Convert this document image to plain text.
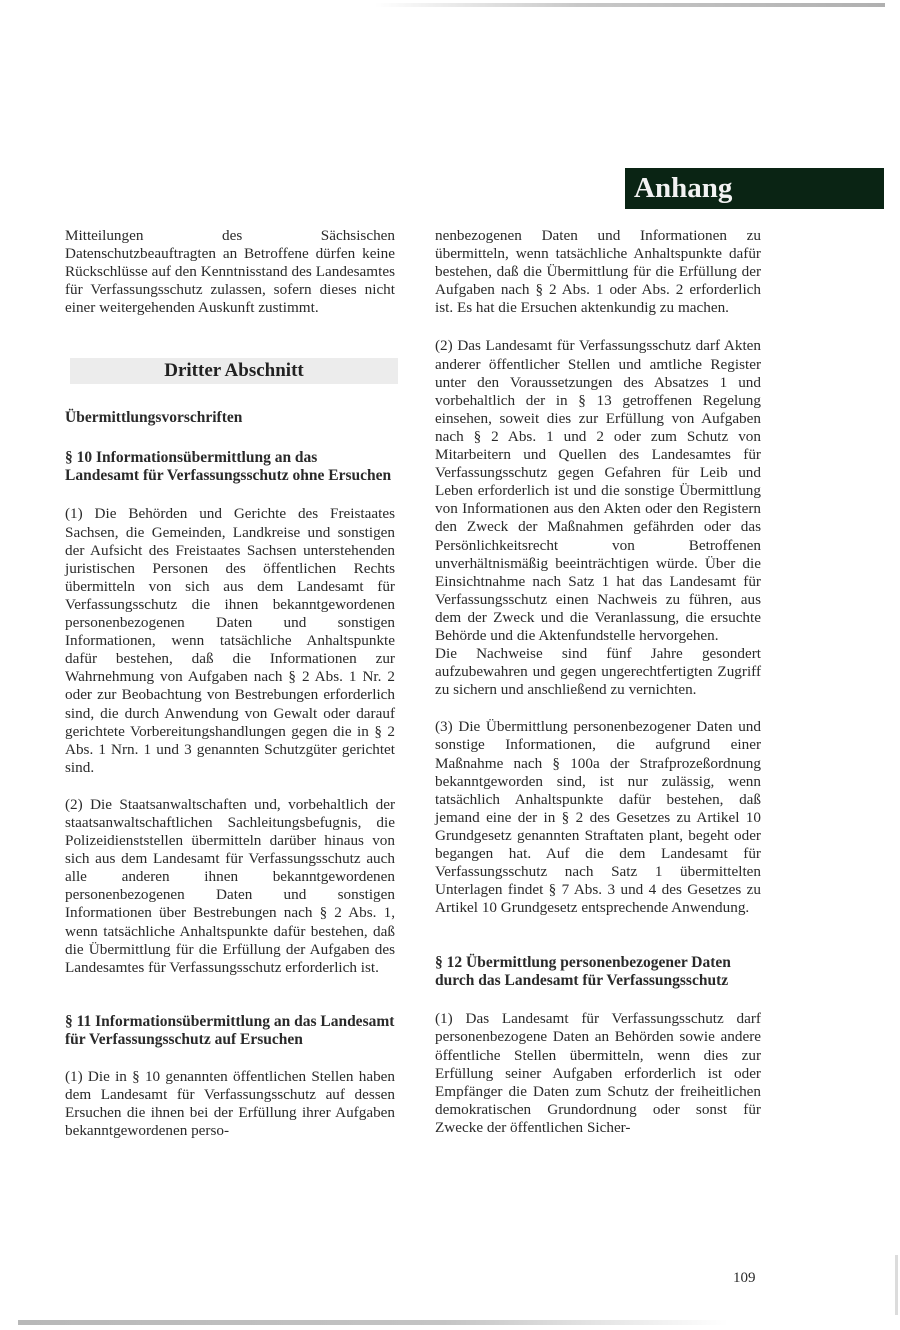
Anhang

Mitteilungen des Sächsischen Datenschutzbeauftragten an Betroffene dürfen keine Rückschlüsse auf den Kenntnisstand des Landesamtes für Verfassungsschutz zulassen, sofern dieses nicht einer weitergehenden Auskunft zustimmt.

Dritter Abschnitt

Übermittlungsvorschriften

§ 10 Informationsübermittlung an das Landesamt für Verfassungsschutz ohne Ersuchen

(1) Die Behörden und Gerichte des Freistaates Sachsen, die Gemeinden, Landkreise und sonstigen der Aufsicht des Freistaates Sachsen unterstehenden juristischen Personen des öffentlichen Rechts übermitteln von sich aus dem Landesamt für Verfassungsschutz die ihnen bekanntgewordenen personenbezogenen Daten und sonstigen Informationen, wenn tatsächliche Anhaltspunkte dafür bestehen, daß die Informationen zur Wahrnehmung von Aufgaben nach § 2 Abs. 1 Nr. 2 oder zur Beobachtung von Bestrebungen erforderlich sind, die durch Anwendung von Gewalt oder darauf gerichtete Vorbereitungshandlungen gegen die in § 2 Abs. 1 Nrn. 1 und 3 genannten Schutzgüter gerichtet sind.

(2) Die Staatsanwaltschaften und, vorbehaltlich der staatsanwaltschaftlichen Sachleitungsbefugnis, die Polizeidienststellen übermitteln darüber hinaus von sich aus dem Landesamt für Verfassungsschutz auch alle anderen ihnen bekanntgewordenen personenbezogenen Daten und sonstigen Informationen über Bestrebungen nach § 2 Abs. 1, wenn tatsächliche Anhaltspunkte dafür bestehen, daß die Übermittlung für die Erfüllung der Aufgaben des Landesamtes für Verfassungsschutz erforderlich ist.

§ 11 Informationsübermittlung an das Landesamt für Verfassungsschutz auf Ersuchen

(1) Die in § 10 genannten öffentlichen Stellen haben dem Landesamt für Verfassungsschutz auf dessen Ersuchen die ihnen bei der Erfüllung ihrer Aufgaben bekanntgewordenen perso-

nenbezogenen Daten und Informationen zu übermitteln, wenn tatsächliche Anhaltspunkte dafür bestehen, daß die Übermittlung für die Erfüllung der Aufgaben nach § 2 Abs. 1 oder Abs. 2 erforderlich ist. Es hat die Ersuchen aktenkundig zu machen.

(2) Das Landesamt für Verfassungsschutz darf Akten anderer öffentlicher Stellen und amtliche Register unter den Voraussetzungen des Absatzes 1 und vorbehaltlich der in § 13 getroffenen Regelung einsehen, soweit dies zur Erfüllung von Aufgaben nach § 2 Abs. 1 und 2 oder zum Schutz von Mitarbeitern und Quellen des Landesamtes für Verfassungsschutz gegen Gefahren für Leib und Leben erforderlich ist und die sonstige Übermittlung von Informationen aus den Akten oder den Registern den Zweck der Maßnahmen gefährden oder das Persönlichkeitsrecht von Betroffenen unverhältnismäßig beeinträchtigen würde. Über die Einsichtnahme nach Satz 1 hat das Landesamt für Verfassungsschutz einen Nachweis zu führen, aus dem der Zweck und die Veranlassung, die ersuchte Behörde und die Aktenfundstelle hervorgehen.

Die Nachweise sind fünf Jahre gesondert aufzubewahren und gegen ungerechtfertigten Zugriff zu sichern und anschließend zu vernichten.

(3) Die Übermittlung personenbezogener Daten und sonstige Informationen, die aufgrund einer Maßnahme nach § 100a der Strafprozeßordnung bekanntgeworden sind, ist nur zulässig, wenn tatsächlich Anhaltspunkte dafür bestehen, daß jemand eine der in § 2 des Gesetzes zu Artikel 10 Grundgesetz genannten Straftaten plant, begeht oder begangen hat. Auf die dem Landesamt für Verfassungsschutz nach Satz 1 übermittelten Unterlagen findet § 7 Abs. 3 und 4 des Gesetzes zu Artikel 10 Grundgesetz entsprechende Anwendung.

§ 12 Übermittlung personenbezogener Daten durch das Landesamt für Verfassungsschutz

(1) Das Landesamt für Verfassungsschutz darf personenbezogene Daten an Behörden sowie andere öffentliche Stellen übermitteln, wenn dies zur Erfüllung seiner Aufgaben erforderlich ist oder Empfänger die Daten zum Schutz der freiheitlichen demokratischen Grundordnung oder sonst für Zwecke der öffentlichen Sicher-

109
